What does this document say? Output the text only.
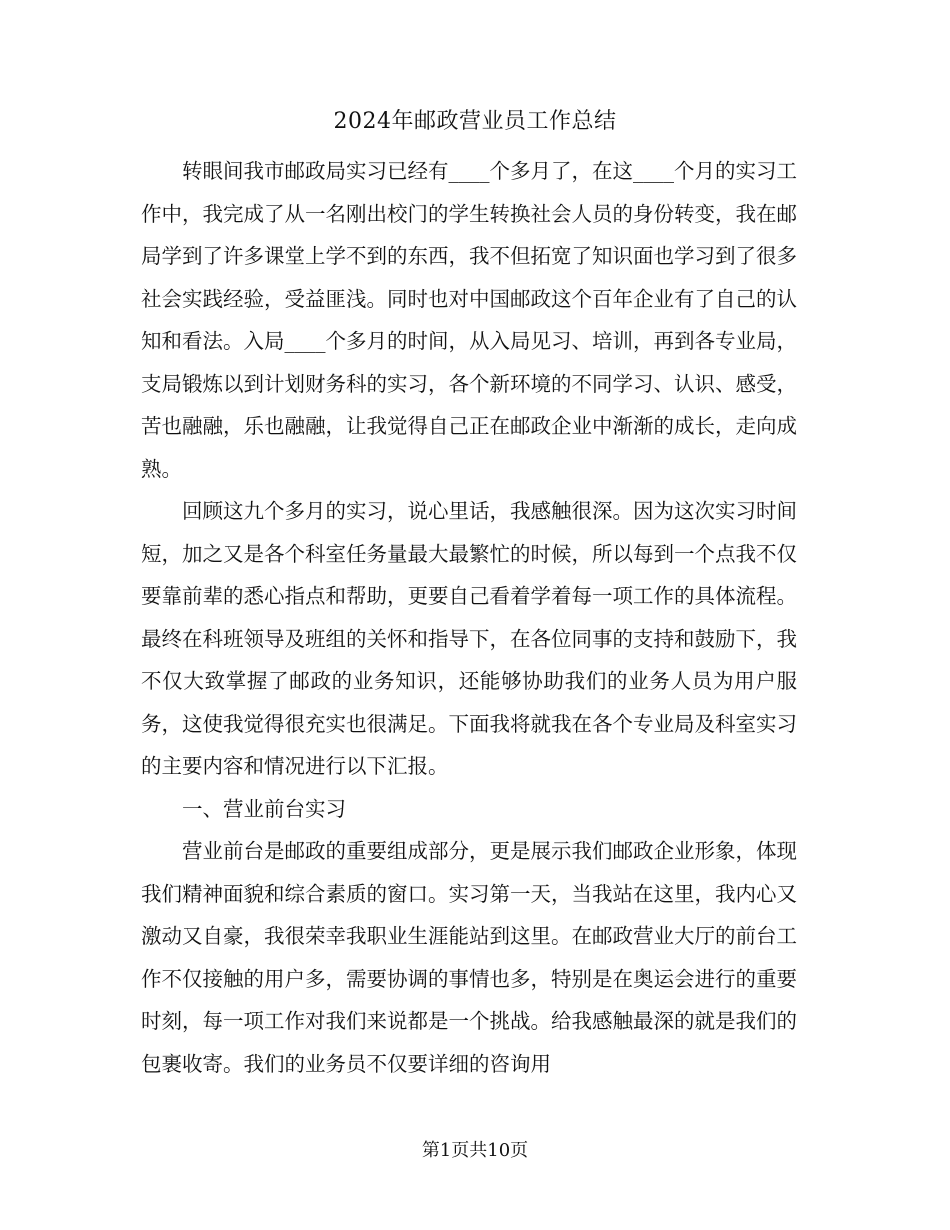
2024年邮政营业员工作总结

转眼间我市邮政局实习已经有____个多月了，在这____个月的实习工作中，我完成了从一名刚出校门的学生转换社会人员的身份转变，我在邮局学到了许多课堂上学不到的东西，我不但拓宽了知识面也学习到了很多社会实践经验，受益匪浅。同时也对中国邮政这个百年企业有了自己的认知和看法。入局____个多月的时间，从入局见习、培训，再到各专业局，支局锻炼以到计划财务科的实习，各个新环境的不同学习、认识、感受，苦也融融，乐也融融，让我觉得自己正在邮政企业中渐渐的成长，走向成熟。

回顾这九个多月的实习，说心里话，我感触很深。因为这次实习时间短，加之又是各个科室任务量最大最繁忙的时候，所以每到一个点我不仅要靠前辈的悉心指点和帮助，更要自己看着学着每一项工作的具体流程。最终在科班领导及班组的关怀和指导下，在各位同事的支持和鼓励下，我不仅大致掌握了邮政的业务知识，还能够协助我们的业务人员为用户服务，这使我觉得很充实也很满足。下面我将就我在各个专业局及科室实习的主要内容和情况进行以下汇报。

一、营业前台实习

营业前台是邮政的重要组成部分，更是展示我们邮政企业形象，体现我们精神面貌和综合素质的窗口。实习第一天，当我站在这里，我内心又激动又自豪，我很荣幸我职业生涯能站到这里。在邮政营业大厅的前台工作不仅接触的用户多，需要协调的事情也多，特别是在奥运会进行的重要时刻，每一项工作对我们来说都是一个挑战。给我感触最深的就是我们的包裹收寄。我们的业务员不仅要详细的咨询用

第1页共10页
